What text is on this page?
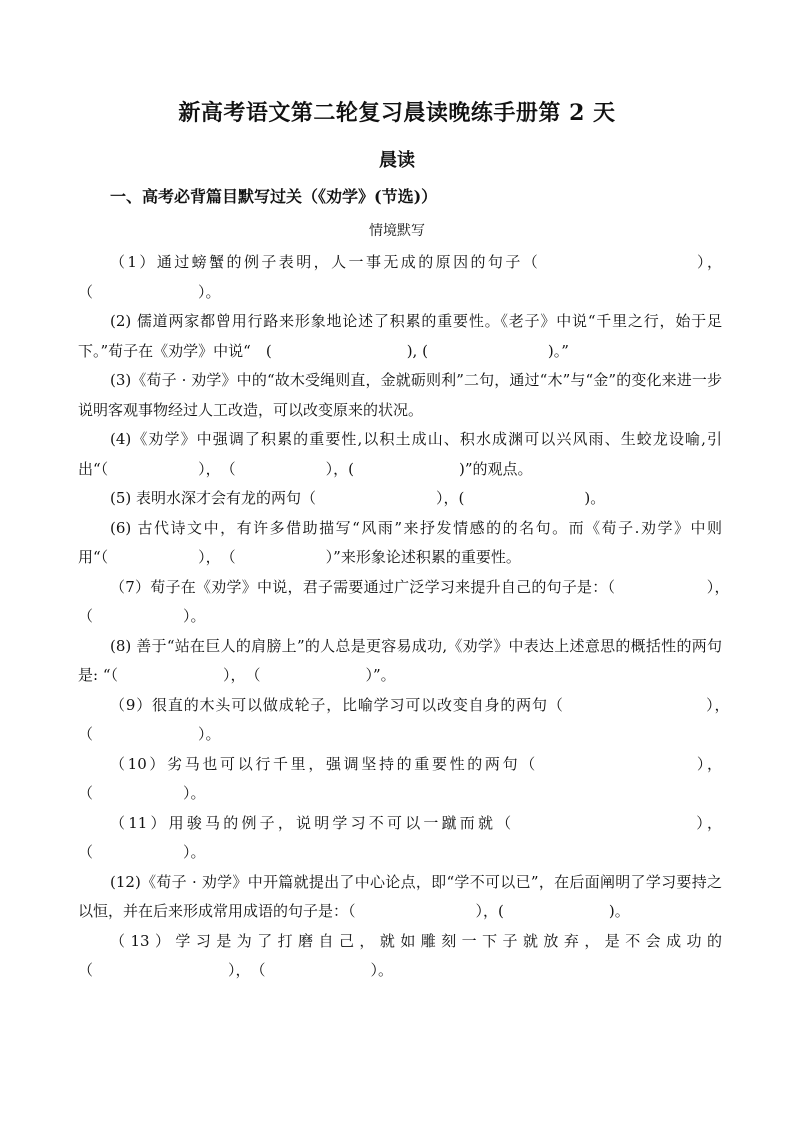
新高考语文第二轮复习晨读晚练手册第 2 天
晨读
一、高考必背篇目默写过关（《劝学》(节选)）
情境默写

（1）通过螃蟹的例子表明，人一事无成的原因的句子（　　　　　　　　　），（　　　　　　　）。

(2) 儒道两家都曾用行路来形象地论述了积累的重要性。《老子》中说“千里之行，始于足下。”荀子在《劝学》中说“　(　　　　　　　　　), (　　　　　　　　)。”

(3)《荀子 · 劝学》中的“故木受绳则直，金就砺则利”二句，通过“木”与“金”的变化来进一步说明客观事物经过人工改造，可以改变原来的状况。

(4)《劝学》中强调了积累的重要性,以积土成山、积水成渊可以兴风雨、生蛟龙设喻,引出“（　　　　　　），　（　　　　　　），(　　　　　　　)”的观点。

(5) 表明水深才会有龙的两句（　　　　　　　　），(　　　　　　　　)。

(6) 古代诗文中，有许多借助描写“风雨”来抒发情感的的名句。而《荀子.劝学》中则用“（　　　　　　），　（　　　　　　）”来形象论述积累的重要性。

（7）荀子在《劝学》中说，君子需要通过广泛学习来提升自己的句子是：（　　　　　　），　（　　　　　　）。

(8) 善于“站在巨人的肩膀上”的人总是更容易成功,《劝学》中表达上述意思的概括性的两句是: “（　　　　　　　），　（　　　　　　　）”。

（9）很直的木头可以做成轮子，比喻学习可以改变自身的两句（　　　　　　　　　），　（　　　　　　　）。

（10）劣马也可以行千里，强调坚持的重要性的两句（　　　　　　　　　），（　　　　　　）。

（11）用骏马的例子，说明学习不可以一蹴而就（　　　　　　　　　　），（　　　　　　）。

(12)《荀子 · 劝学》中开篇就提出了中心论点，即“学不可以已”，在后面阐明了学习要持之以恒，并在后来形成常用成语的句子是：（　　　　　　　　），(　　　　　　　)。

（13）学习是为了打磨自己，就如雕刻一下子就放弃，是不会成功的（　　　　　　　　　），　（　　　　　　　）。
